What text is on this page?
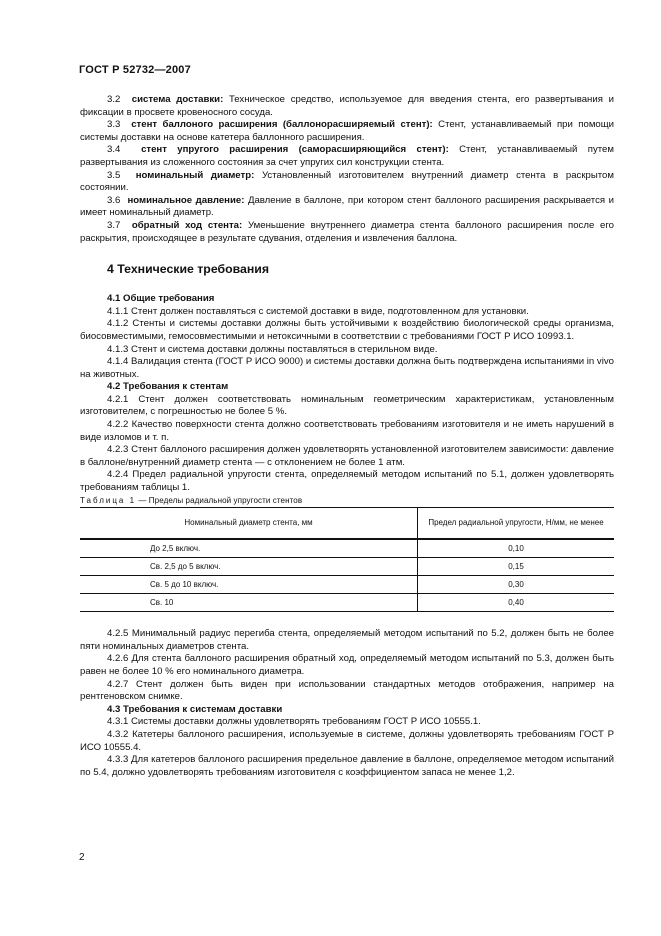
ГОСТ Р 52732—2007

3.2 система доставки: Техническое средство, используемое для введения стента, его развертывания и фиксации в просвете кровеносного сосуда.

3.3 стент баллоного расширения (баллонорасширяемый стент): Стент, устанавливаемый при помощи системы доставки на основе катетера баллонного расширения.

3.4 стент упругого расширения (саморасширяющийся стент): Стент, устанавливаемый путем развертывания из сложенного состояния за счет упругих сил конструкции стента.

3.5 номинальный диаметр: Установленный изготовителем внутренний диаметр стента в раскрытом состоянии.

3.6 номинальное давление: Давление в баллоне, при котором стент баллоного расширения раскрывается и имеет номинальный диаметр.

3.7 обратный ход стента: Уменьшение внутреннего диаметра стента баллоного расширения после его раскрытия, происходящее в результате сдувания, отделения и извлечения баллона.

4 Технические требования

4.1 Общие требования

4.1.1 Стент должен поставляться с системой доставки в виде, подготовленном для установки.

4.1.2 Стенты и системы доставки должны быть устойчивыми к воздействию биологической среды организма, биосовместимыми, гемосовместимыми и нетоксичными в соответствии с требованиями ГОСТ Р ИСО 10993.1.

4.1.3 Стент и система доставки должны поставляться в стерильном виде.

4.1.4 Валидация стента (ГОСТ Р ИСО 9000) и системы доставки должна быть подтверждена испытаниями in vivo на животных.

4.2 Требования к стентам

4.2.1 Стент должен соответствовать номинальным геометрическим характеристикам, установленным изготовителем, с погрешностью не более 5 %.

4.2.2 Качество поверхности стента должно соответствовать требованиям изготовителя и не иметь нарушений в виде изломов и т. п.

4.2.3 Стент баллоного расширения должен удовлетворять установленной изготовителем зависимости: давление в баллоне/внутренний диаметр стента — с отклонением не более 1 атм.

4.2.4 Предел радиальной упругости стента, определяемый методом испытаний по 5.1, должен удовлетворять требованиям таблицы 1.

Таблица 1 — Пределы радиальной упругости стентов

Номинальный диаметр стента, мм	Предел радиальной упругости, Н/мм, не менее
До 2,5 включ.	0,10
Св. 2,5 до 5 включ.	0,15
Св. 5 до 10 включ.	0,30
Св. 10	0,40

4.2.5 Минимальный радиус перегиба стента, определяемый методом испытаний по 5.2, должен быть не более пяти номинальных диаметров стента.

4.2.6 Для стента баллоного расширения обратный ход, определяемый методом испытаний по 5.3, должен быть равен не более 10 % его номинального диаметра.

4.2.7 Стент должен быть виден при использовании стандартных методов отображения, например на рентгеновском снимке.

4.3 Требования к системам доставки

4.3.1 Системы доставки должны удовлетворять требованиям ГОСТ Р ИСО 10555.1.

4.3.2 Катетеры баллоного расширения, используемые в системе, должны удовлетворять требованиям ГОСТ Р ИСО 10555.4.

4.3.3 Для катетеров баллоного расширения предельное давление в баллоне, определяемое методом испытаний по 5.4, должно удовлетворять требованиям изготовителя с коэффициентом запаса не менее 1,2.

2
